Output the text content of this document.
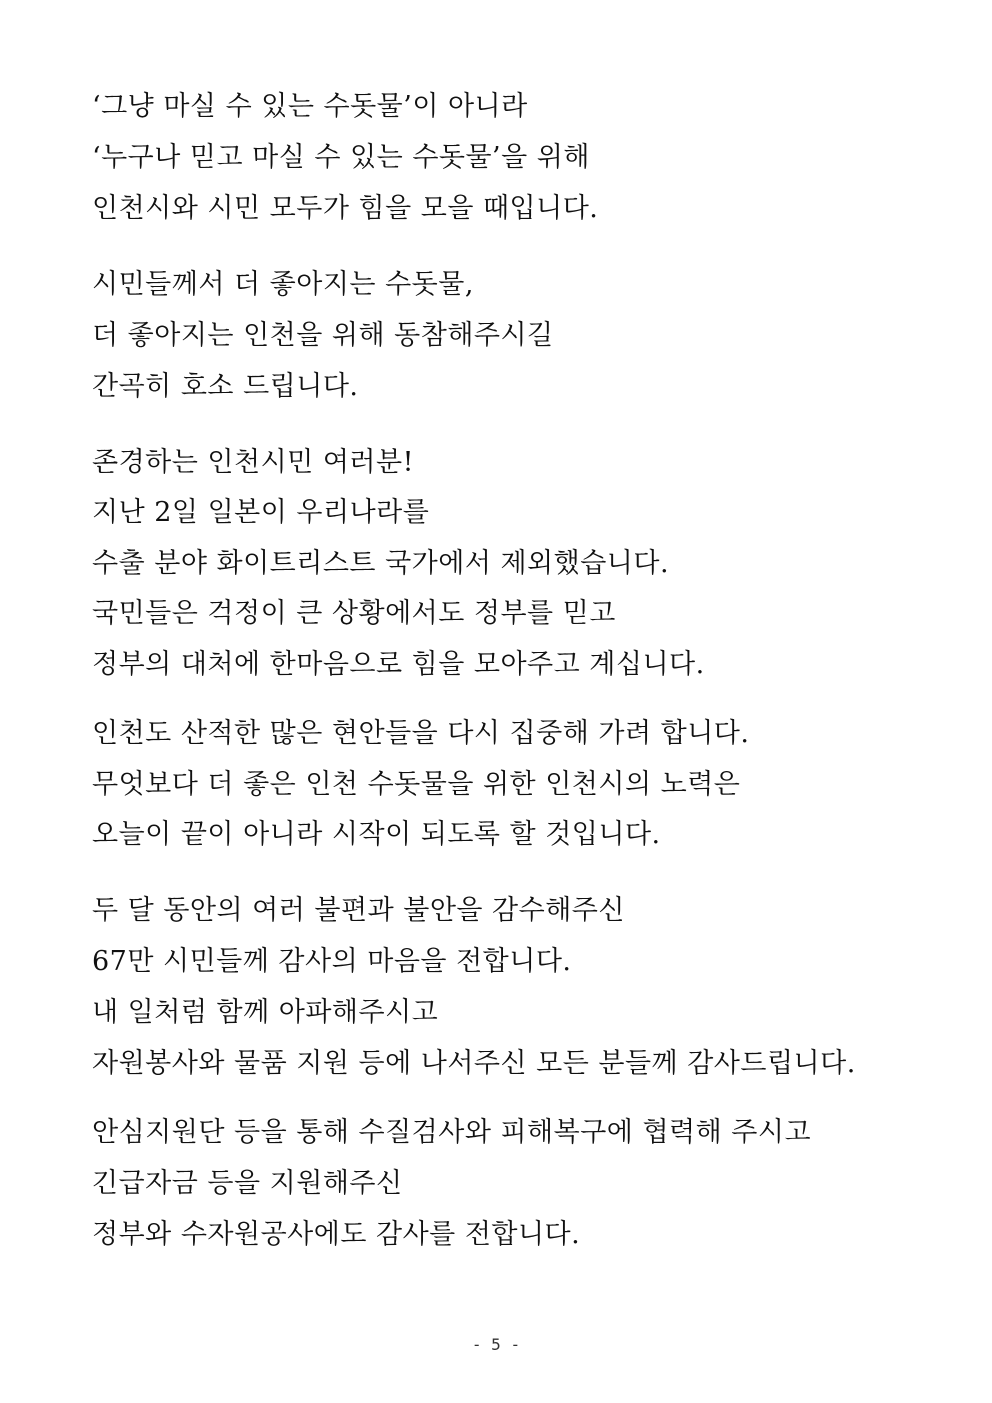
‘그냥 마실 수 있는 수돗물’이 아니라
‘누구나 믿고 마실 수 있는 수돗물’을 위해
인천시와 시민 모두가 힘을 모을 때입니다.
시민들께서 더 좋아지는 수돗물,
더 좋아지는 인천을 위해 동참해주시길
간곡히 호소 드립니다.
존경하는 인천시민 여러분!
지난 2일 일본이 우리나라를
수출 분야 화이트리스트 국가에서 제외했습니다.
국민들은 걱정이 큰 상황에서도 정부를 믿고
정부의 대처에 한마음으로 힘을 모아주고 계십니다.
인천도 산적한 많은 현안들을 다시 집중해 가려 합니다.
무엇보다 더 좋은 인천 수돗물을 위한 인천시의 노력은
오늘이 끝이 아니라 시작이 되도록 할 것입니다.
두 달 동안의 여러 불편과 불안을 감수해주신
67만 시민들께 감사의 마음을 전합니다.
내 일처럼 함께 아파해주시고
자원봉사와 물품 지원 등에 나서주신 모든 분들께 감사드립니다.
안심지원단 등을 통해 수질검사와 피해복구에 협력해 주시고
긴급자금 등을 지원해주신
정부와 수자원공사에도 감사를 전합니다.
- 5 -
